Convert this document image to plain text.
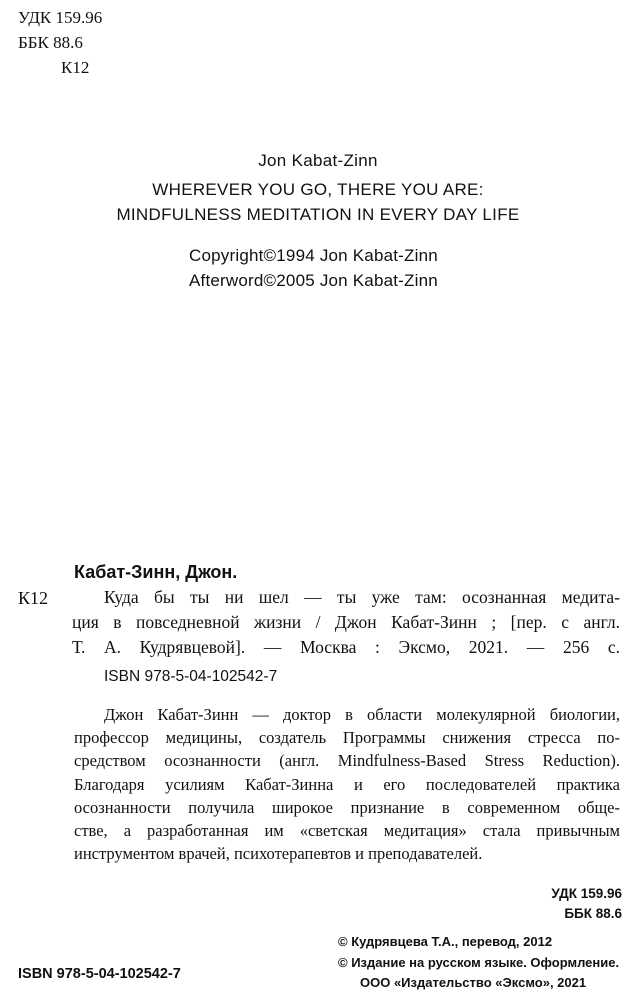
УДК 159.96
ББК 88.6
К12
Jon Kabat-Zinn
WHEREVER YOU GO, THERE YOU ARE:
MINDFULNESS MEDITATION IN EVERY DAY LIFE
Copyright©1994 Jon Kabat-Zinn
Afterword©2005 Jon Kabat-Zinn
Кабат-Зинн, Джон.
К12	Куда бы ты ни шел — ты уже там: осознанная медита-
ция в повседневной жизни / Джон Кабат-Зинн ; [пер. с англ.
Т. А. Кудрявцевой]. — Москва : Эксмо, 2021. — 256 с.
ISBN 978-5-04-102542-7
Джон Кабат-Зинн — доктор в области молекулярной биологии,
профессор медицины, создатель Программы снижения стресса по-
средством осознанности (англ. Mindfulness-Based Stress Reduction).
Благодаря усилиям Кабат-Зинна и его последователей практика
осознанности получила широкое признание в современном обще-
стве, а разработанная им «светская медитация» стала привычным
инструментом врачей, психотерапевтов и преподавателей.
УДК 159.96
ББК 88.6
ISBN 978-5-04-102542-7
© Кудрявцева Т.А., перевод, 2012
© Издание на русском языке. Оформление.
ООО «Издательство «Эксмо», 2021
